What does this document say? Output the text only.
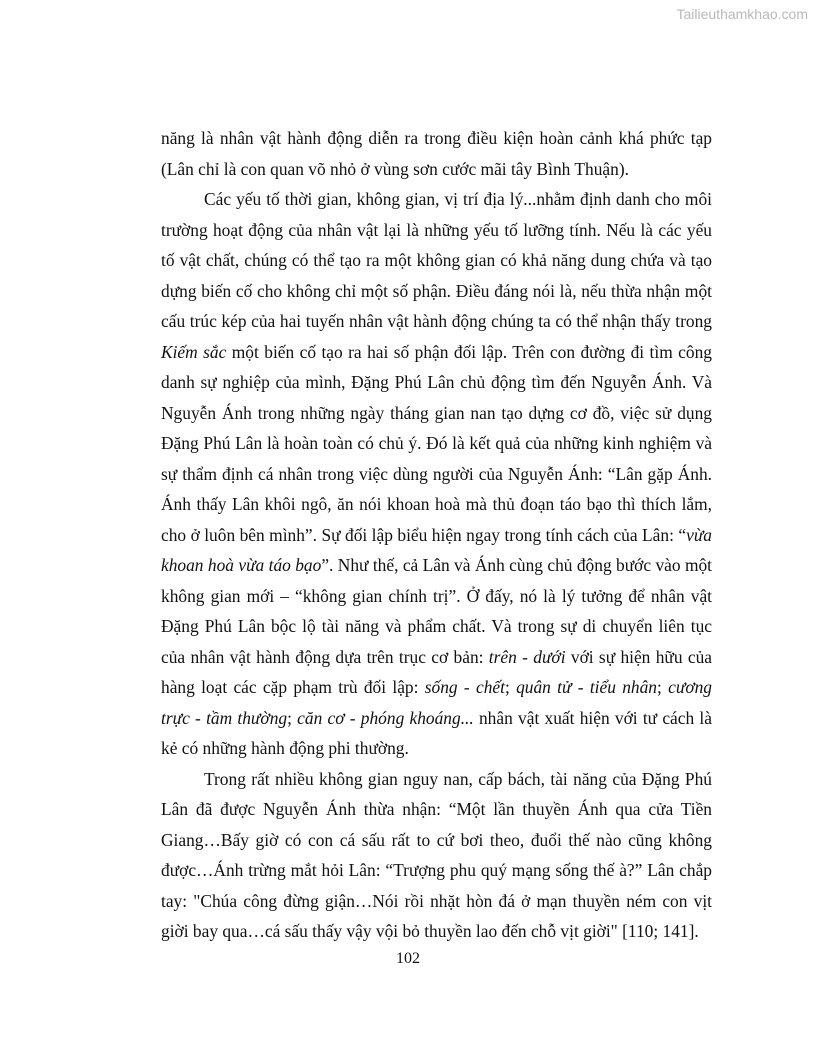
Tailieuthamkhao.com

năng là nhân vật hành động diễn ra trong điều kiện hoàn cảnh khá phức tạp (Lân chỉ là con quan võ nhỏ ở vùng sơn cước mãi tây Bình Thuận).

Các yếu tố thời gian, không gian, vị trí địa lý...nhằm định danh cho môi trường hoạt động của nhân vật lại là những yếu tố lưỡng tính. Nếu là các yếu tố vật chất, chúng có thể tạo ra một không gian có khả năng dung chứa và tạo dựng biến cố cho không chỉ một số phận. Điều đáng nói là, nếu thừa nhận một cấu trúc kép của hai tuyến nhân vật hành động chúng ta có thể nhận thấy trong Kiếm sắc một biến cố tạo ra hai số phận đối lập. Trên con đường đi tìm công danh sự nghiệp của mình, Đặng Phú Lân chủ động tìm đến Nguyễn Ánh. Và Nguyễn Ánh trong những ngày tháng gian nan tạo dựng cơ đồ, việc sử dụng Đặng Phú Lân là hoàn toàn có chủ ý. Đó là kết quả của những kinh nghiệm và sự thẩm định cá nhân trong việc dùng người của Nguyễn Ánh: “Lân gặp Ánh. Ánh thấy Lân khôi ngô, ăn nói khoan hoà mà thủ đoạn táo bạo thì thích lắm, cho ở luôn bên mình”. Sự đối lập biểu hiện ngay trong tính cách của Lân: “vừa khoan hoà vừa táo bạo”. Như thế, cả Lân và Ánh cùng chủ động bước vào một không gian mới – “không gian chính trị”. Ở đấy, nó là lý tưởng để nhân vật Đặng Phú Lân bộc lộ tài năng và phẩm chất. Và trong sự di chuyển liên tục của nhân vật hành động dựa trên trục cơ bản: trên - dưới với sự hiện hữu của hàng loạt các cặp phạm trù đối lập: sống - chết; quân tử - tiểu nhân; cương trực - tầm thường; căn cơ - phóng khoáng... nhân vật xuất hiện với tư cách là kẻ có những hành động phi thường.

Trong rất nhiều không gian nguy nan, cấp bách, tài năng của Đặng Phú Lân đã được Nguyễn Ánh thừa nhận: “Một lần thuyền Ánh qua cửa Tiền Giang…Bấy giờ có con cá sấu rất to cứ bơi theo, đuổi thế nào cũng không được…Ánh trừng mắt hỏi Lân: “Trượng phu quý mạng sống thế à?” Lân chắp tay: "Chúa công đừng giận…Nói rồi nhặt hòn đá ở mạn thuyền ném con vịt giời bay qua…cá sấu thấy vậy vội bỏ thuyền lao đến chỗ vịt giời" [110; 141].

102
